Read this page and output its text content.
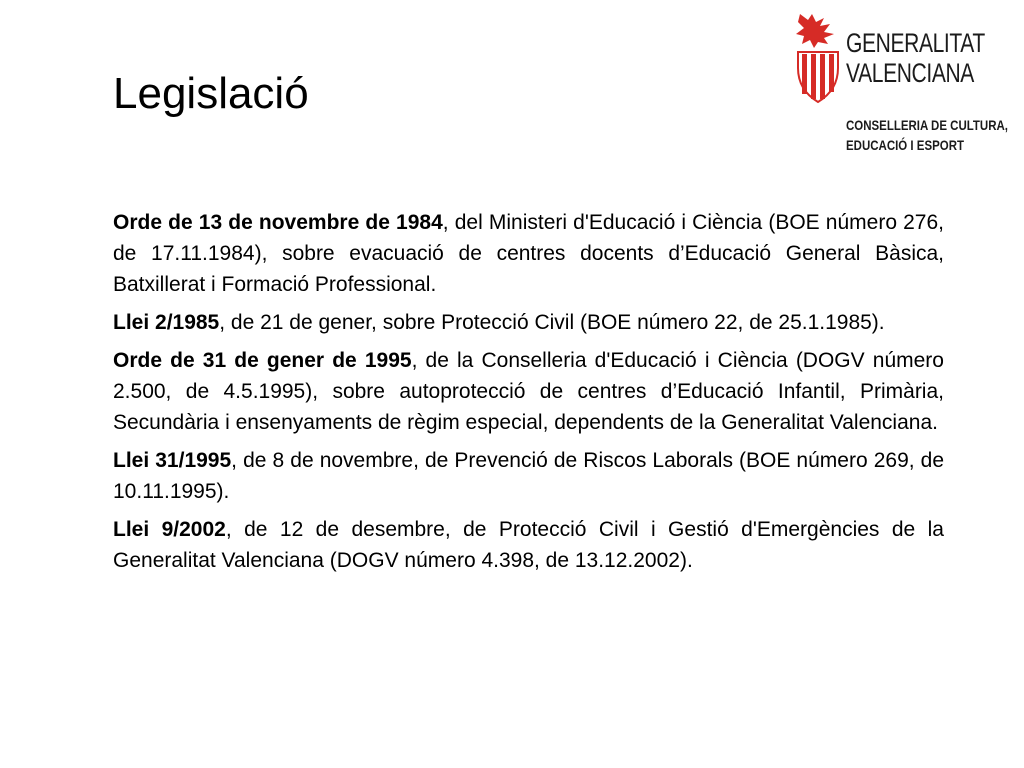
Legislació
GENERALITAT
VALENCIANA
CONSELLERIA DE CULTURA,
EDUCACIÓ I ESPORT

Orde de 13 de novembre de 1984, del Ministeri d'Educació i Ciència (BOE número 276, de 17.11.1984), sobre evacuació de centres docents d’Educació General Bàsica, Batxillerat i Formació Professional.

Llei 2/1985, de 21 de gener, sobre Protecció Civil (BOE número 22, de 25.1.1985).

Orde de 31 de gener de 1995, de la Conselleria d'Educació i Ciència (DOGV número 2.500, de 4.5.1995), sobre autoprotecció de centres d’Educació Infantil, Primària, Secundària i ensenyaments de règim especial, dependents de la Generalitat Valenciana.

Llei 31/1995, de 8 de novembre, de Prevenció de Riscos Laborals (BOE número 269, de 10.11.1995).

Llei 9/2002, de 12 de desembre, de Protecció Civil i Gestió d'Emergències de la Generalitat Valenciana (DOGV número 4.398, de 13.12.2002).
